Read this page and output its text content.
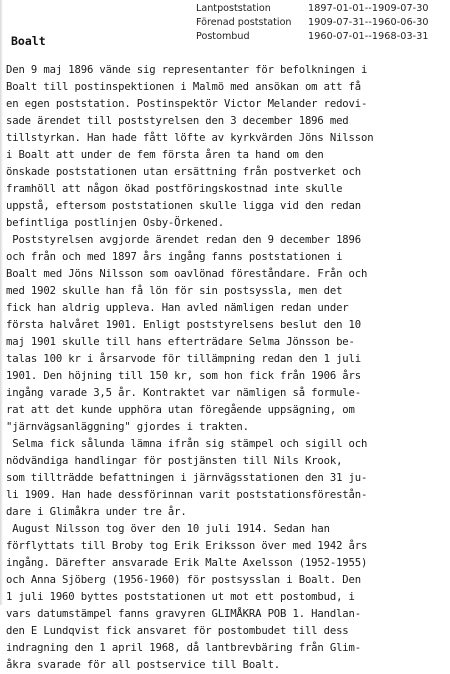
Lantpoststation	1897-01-01--1909-07-30
Förenad poststation	1909-07-31--1960-06-30
Postombud	1960-07-01--1968-03-31
Boalt
Den 9 maj 1896 vände sig representanter för befolkningen i
Boalt till postinspektionen i Malmö med ansökan om att få
en egen poststation. Postinspektör Victor Melander redovi-
sade ärendet till poststyrelsen den 3 december 1896 med
tillstyrkan. Han hade fått löfte av kyrkvärden Jöns Nilsson
i Boalt att under de fem första åren ta hand om den
önskade poststationen utan ersättning från postverket och
framhöll att någon ökad postföringskostnad inte skulle
uppstå, eftersom poststationen skulle ligga vid den redan
befintliga postlinjen Osby-Örkened.
Poststyrelsen avgjorde ärendet redan den 9 december 1896
och från och med 1897 års ingång fanns poststationen i
Boalt med Jöns Nilsson som oavlönad föreståndare. Från och
med 1902 skulle han få lön för sin postsyssla, men det
fick han aldrig uppleva. Han avled nämligen redan under
första halvåret 1901. Enligt poststyrelsens beslut den 10
maj 1901 skulle till hans efterträdare Selma Jönsson be-
talas 100 kr i årsarvode för tillämpning redan den 1 juli
1901. Den höjning till 150 kr, som hon fick från 1906 års
ingång varade 3,5 år. Kontraktet var nämligen så formule-
rat att det kunde upphöra utan föregående uppsägning, om
"järnvägsanläggning" gjordes i trakten.
Selma fick sålunda lämna ifrån sig stämpel och sigill och
nödvändiga handlingar för postjänsten till Nils Krook,
som tillträdde befattningen i järnvägsstationen den 31 ju-
li 1909. Han hade dessförinnan varit poststationsförestån-
dare i Glimåkra under tre år.
August Nilsson tog över den 10 juli 1914. Sedan han
förflyttats till Broby tog Erik Eriksson över med 1942 års
ingång. Därefter ansvarade Erik Malte Axelsson (1952-1955)
och Anna Sjöberg (1956-1960) för postsysslan i Boalt. Den
1 juli 1960 byttes poststationen ut mot ett postombud, i
vars datumstämpel fanns gravyren GLIMÅKRA POB 1. Handlan-
den E Lundqvist fick ansvaret för postombudet till dess
indragning den 1 april 1968, då lantbrevbäring från Glim-
åkra svarade för all postservice till Boalt.
